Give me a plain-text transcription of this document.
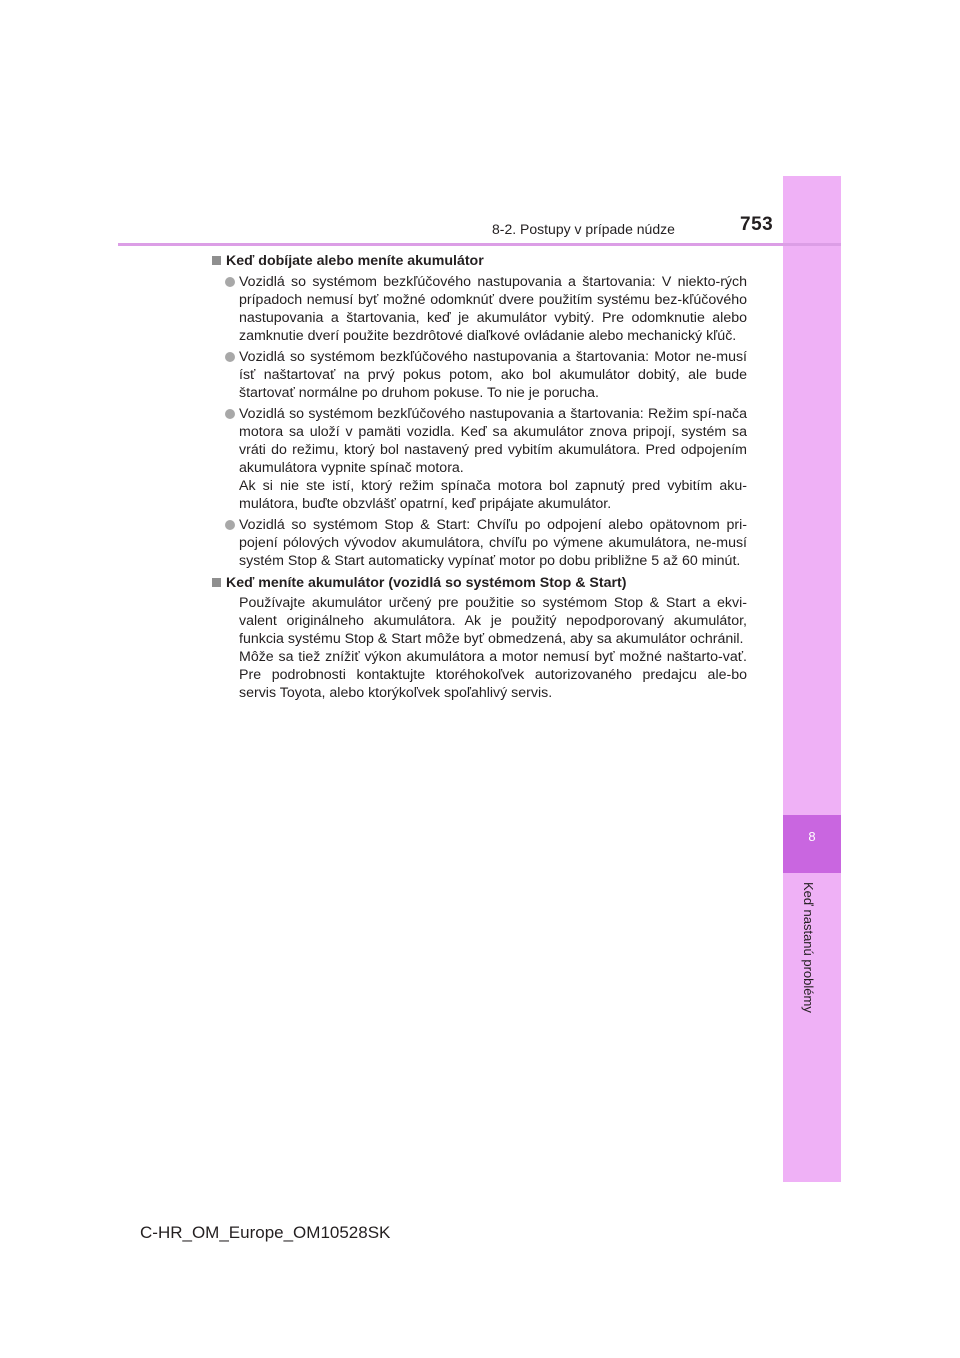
8
Keď nastanú problémy
8-2. Postupy v prípade núdze	753
Keď dobíjate alebo meníte akumulátor
Vozidlá so systémom bezkľúčového nastupovania a štartovania: V niekto-rých prípadoch nemusí byť možné odomknúť dvere použitím systému bez-kľúčového nastupovania a štartovania, keď je akumulátor vybitý. Pre odomknutie alebo zamknutie dverí použite bezdrôtové diaľkové ovládanie alebo mechanický kľúč.
Vozidlá so systémom bezkľúčového nastupovania a štartovania: Motor ne-musí ísť naštartovať na prvý pokus potom, ako bol akumulátor dobitý, ale bude štartovať normálne po druhom pokuse. To nie je porucha.
Vozidlá so systémom bezkľúčového nastupovania a štartovania: Režim spí-nača motora sa uloží v pamäti vozidla. Keď sa akumulátor znova pripojí, systém sa vráti do režimu, ktorý bol nastavený pred vybitím akumulátora. Pred odpojením akumulátora vypnite spínač motora.
Ak si nie ste istí, ktorý režim spínača motora bol zapnutý pred vybitím aku-mulátora, buďte obzvlášť opatrní, keď pripájate akumulátor.
Vozidlá so systémom Stop & Start: Chvíľu po odpojení alebo opätovnom pri-pojení pólových vývodov akumulátora, chvíľu po výmene akumulátora, ne-musí systém Stop & Start automaticky vypínať motor po dobu približne 5 až 60 minút.
Keď meníte akumulátor (vozidlá so systémom Stop & Start)
Používajte akumulátor určený pre použitie so systémom Stop & Start a ekvi-valent originálneho akumulátora. Ak je použitý nepodporovaný akumulátor, funkcia systému Stop & Start môže byť obmedzená, aby sa akumulátor ochránil.
Môže sa tiež znížiť výkon akumulátora a motor nemusí byť možné naštarto-vať. Pre podrobnosti kontaktujte ktoréhokoľvek autorizovaného predajcu ale-bo servis Toyota, alebo ktorýkoľvek spoľahlivý servis.
C-HR_OM_Europe_OM10528SK
